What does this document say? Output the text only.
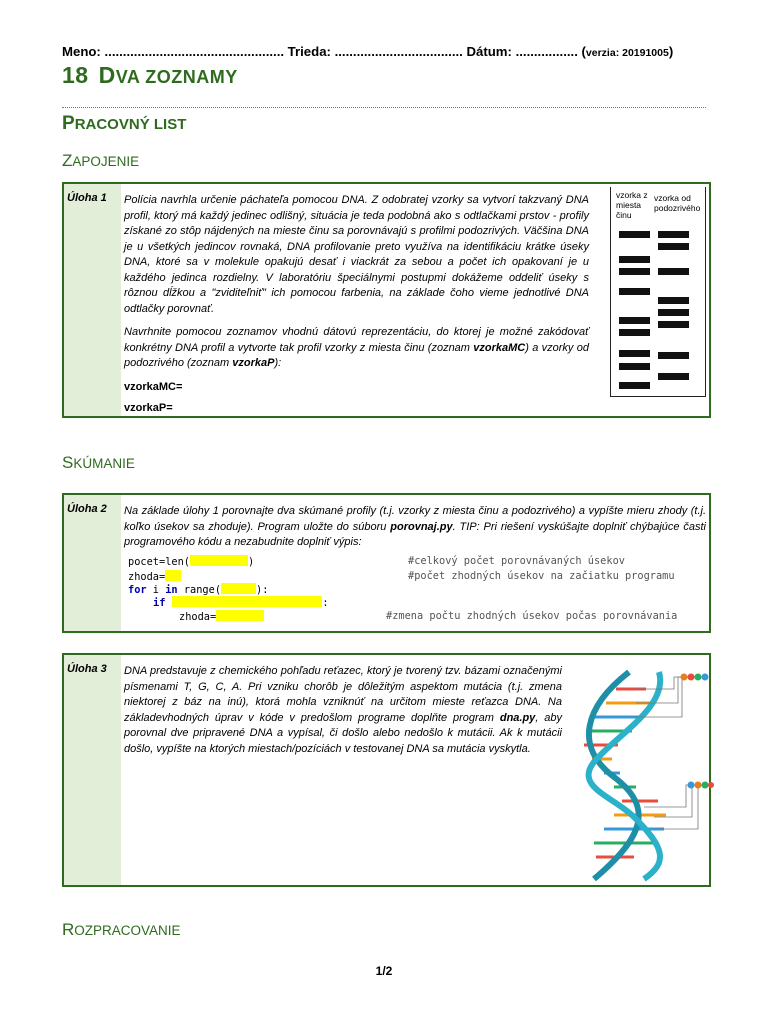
Meno: ................................................. Trieda: ................................... Dátum: ................. (verzia: 20191005)
18 DVA ZOZNAMY
PRACOVNÝ LIST
ZAPOJENIE
Úloha 1 Polícia navrhla určenie páchateľa pomocou DNA. Z odobratej vzorky sa vytvorí takzvaný DNA profil, ktorý má každý jedinec odlišný, situácia je teda podobná ako s odtlačkami prstov - profily získané zo stôp nájdených na mieste činu sa porovnávajú s profilmi podozrivých. Väčšina DNA je u všetkých jedincov rovnaká, DNA profilovanie preto využíva na identifikáciu krátke úseky DNA, ktoré sa v molekule opakujú desať i viackrát za sebou a počet ich opakovaní je u každého jedinca rozdielny. V laboratóriu špeciálnymi postupmi dokážeme oddeliť úseky s rôznou dĺžkou a "zviditeľniť" ich pomocou farbenia, na základe čoho vieme jednotlivé DNA odtlačky porovnať.

Navrhnite pomocou zoznamov vhodnú dátovú reprezentáciu, do ktorej je možné zakódovať konkrétny DNA profil a vytvorte tak profil vzorky z miesta činu (zoznam vzorkaMC) a vzorky od podozrivého (zoznam vzorkaP):

vzorkaMC=
vzorkaP=
vzorka z miesta činu
vzorka od podozrivého
SKÚMANIE
Úloha 2 Na základe úlohy 1 porovnajte dva skúmané profily (t.j. vzorky z miesta činu a podozrivého) a vypíšte mieru zhody (t.j. koľko úsekov sa zhoduje). Program uložte do súboru porovnaj.py. TIP: Pri riešení vyskúšajte doplniť chýbajúce časti programového kódu a nezabudnite doplniť výpis:
pocet=len(	)	#celkový počet porovnávaných úsekov
zhoda=	#počet zhodných úsekov na začiatku programu
for i in range(	):
if	:
zhoda=	#zmena počtu zhodných úsekov počas porovnávania
Úloha 3 DNA predstavuje z chemického pohľadu reťazec, ktorý je tvorený tzv. bázami označenými písmenami T, G, C, A. Pri vzniku chorôb je dôležitým aspektom mutácia (t.j. zmena niektorej z báz na inú), ktorá mohla vzniknúť na určitom mieste reťazca DNA. Na základevhodných úprav v kóde v predošlom programe doplňte program dna.py, aby porovnal dve pripravené DNA a vypísal, či došlo alebo nedošlo k mutácii. Ak k mutácii došlo, vypíšte na ktorých miestach/pozíciách v testovanej DNA sa mutácia vyskytla.
ROZPRACOVANIE
1/2
